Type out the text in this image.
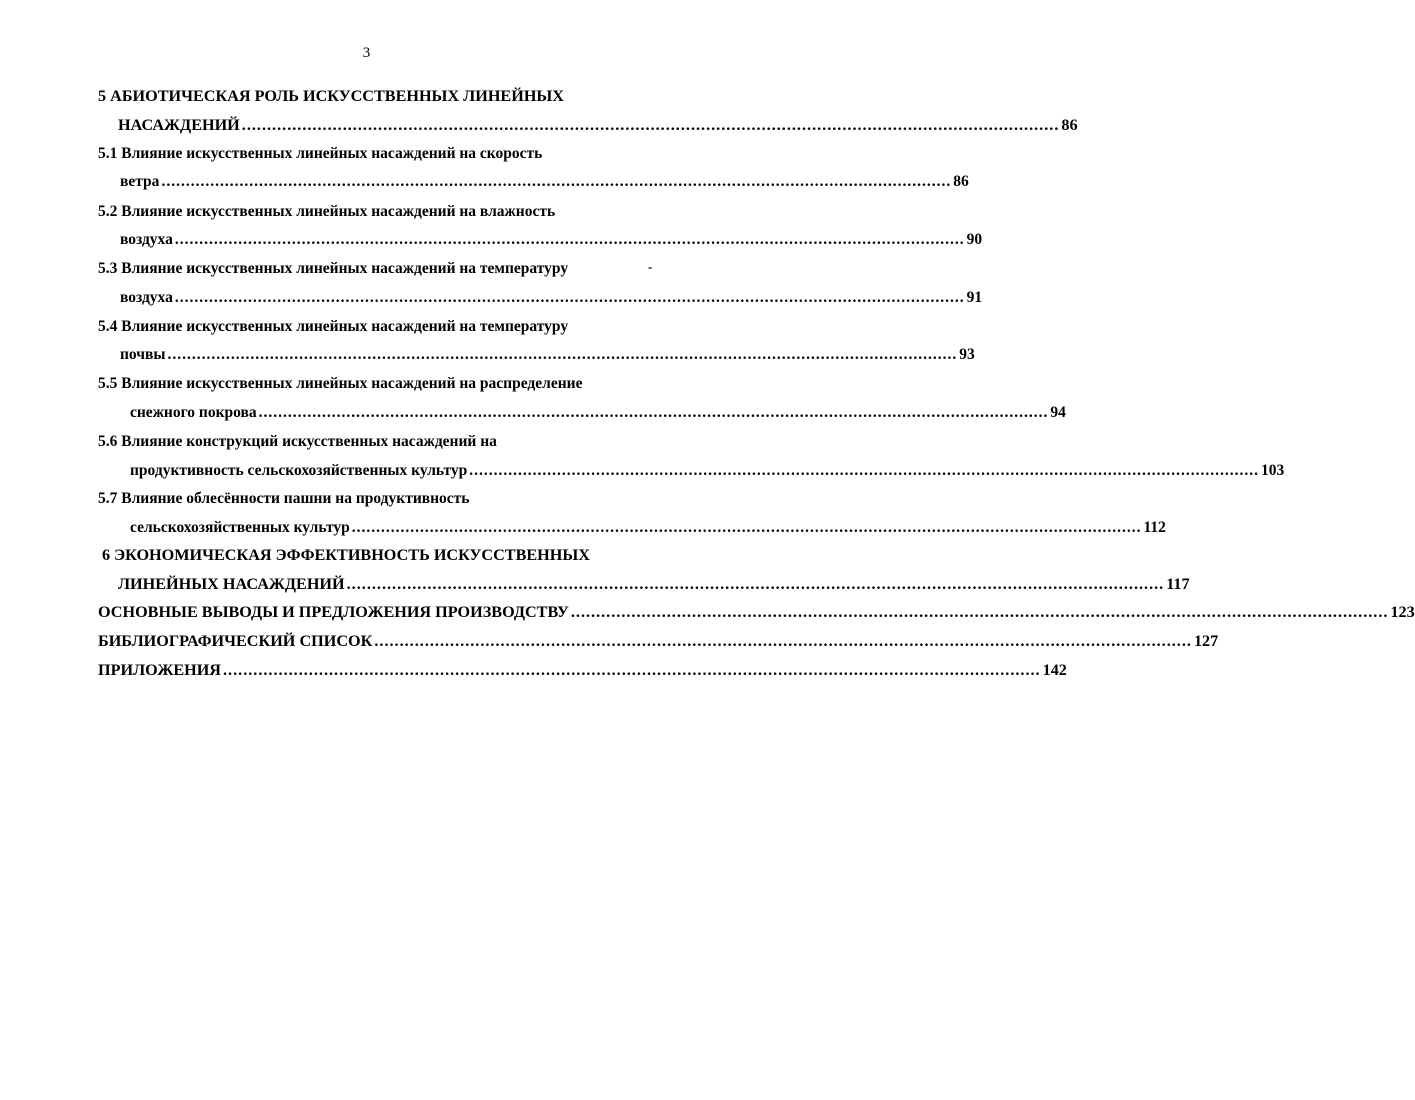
3
5 АБИОТИЧЕСКАЯ РОЛЬ ИСКУССТВЕННЫХ ЛИНЕЙНЫХ
НАСАЖДЕНИЙ .................................................................................................................................................................. 86
5.1 Влияние искусственных линейных насаждений на скорость
ветра .................................................................................................................................................................. 86
5.2 Влияние искусственных линейных насаждений на влажность
воздуха .................................................................................................................................................................. 90
5.3 Влияние искусственных линейных насаждений на температуру	-
воздуха .................................................................................................................................................................. 91
5.4 Влияние искусственных линейных насаждений на температуру
почвы .................................................................................................................................................................. 93
5.5 Влияние искусственных линейных насаждений на распределение
снежного покрова .................................................................................................................................................................. 94
5.6 Влияние конструкций искусственных насаждений на
продуктивность сельскохозяйственных культур .................................................................................................................................................................. 103
5.7 Влияние облесённости пашни на продуктивность
сельскохозяйственных культур .................................................................................................................................................................. 112
6 ЭКОНОМИЧЕСКАЯ ЭФФЕКТИВНОСТЬ ИСКУССТВЕННЫХ
ЛИНЕЙНЫХ НАСАЖДЕНИЙ .................................................................................................................................................................. 117
ОСНОВНЫЕ ВЫВОДЫ И ПРЕДЛОЖЕНИЯ ПРОИЗВОДСТВУ .................................................................................................................................................................. 123
БИБЛИОГРАФИЧЕСКИЙ СПИСОК .................................................................................................................................................................. 127
ПРИЛОЖЕНИЯ .................................................................................................................................................................. 142
